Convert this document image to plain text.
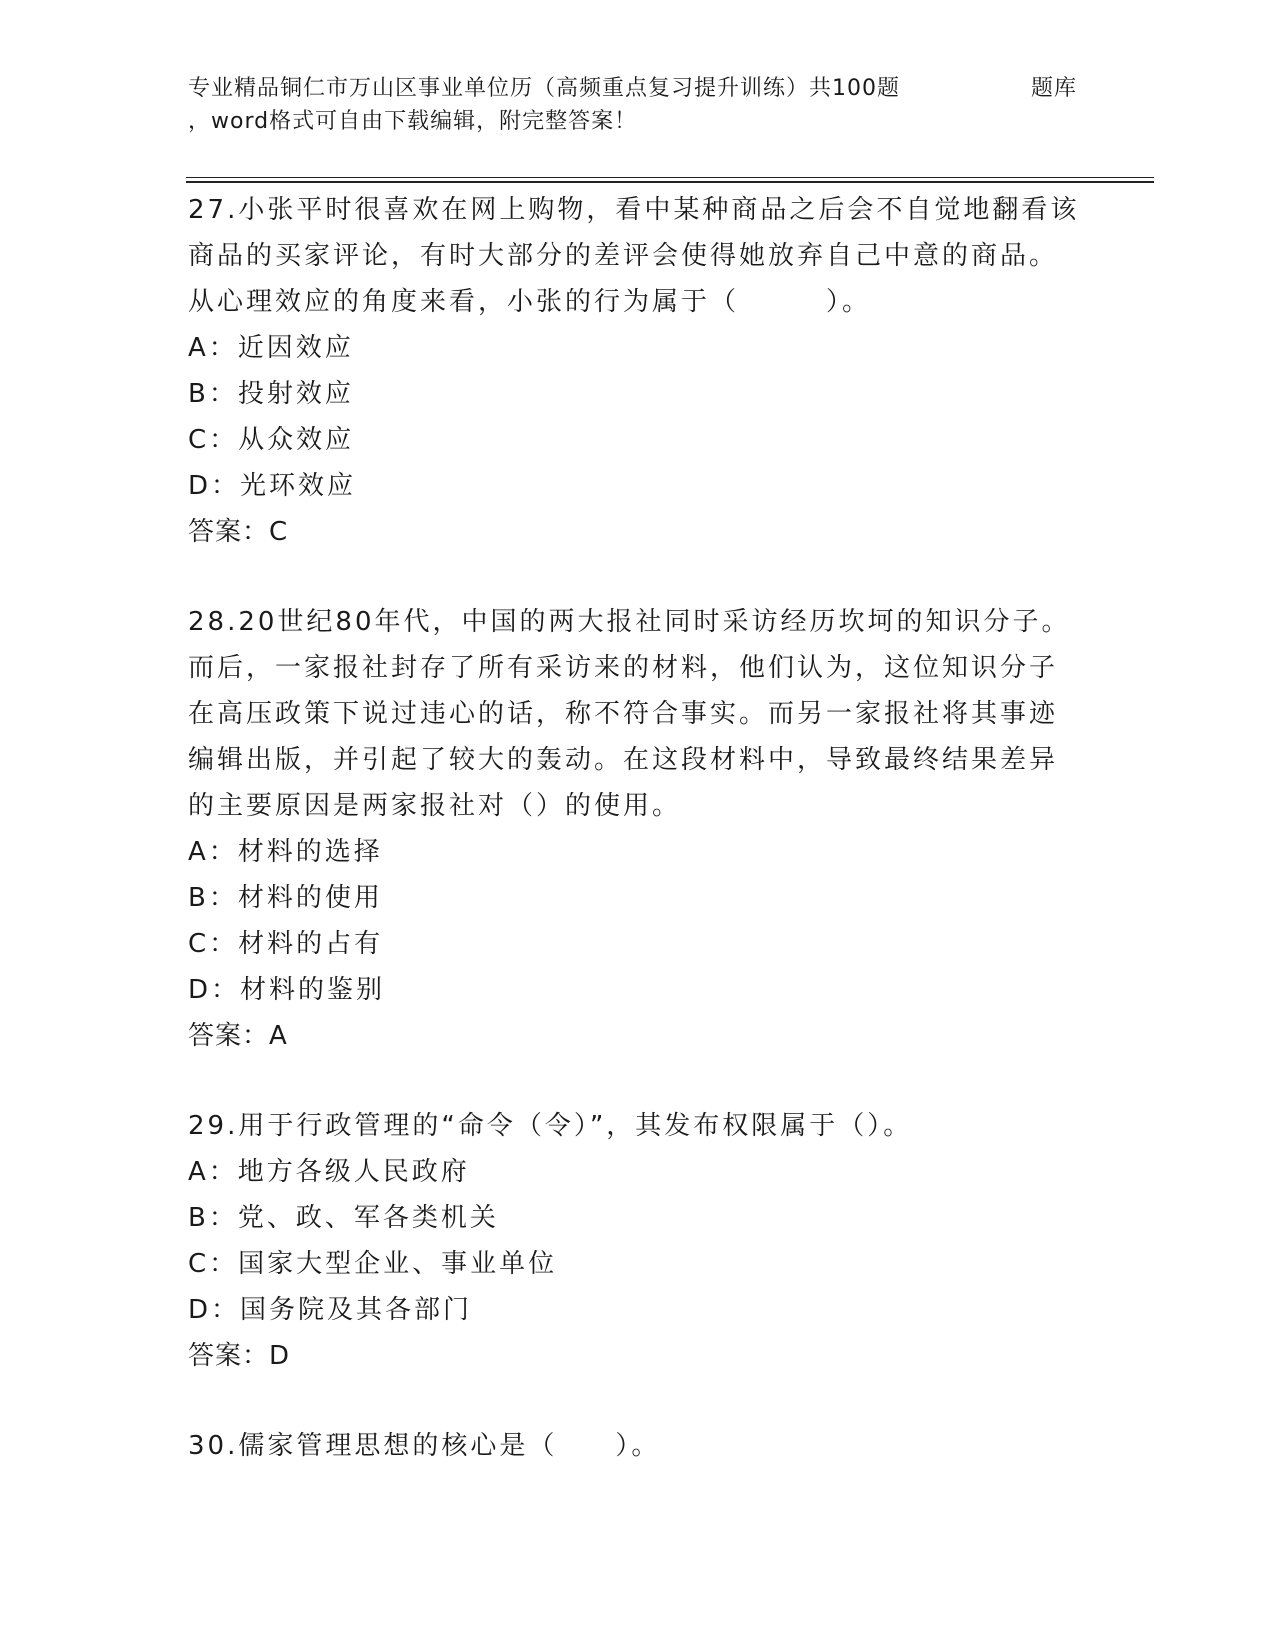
专业精品铜仁市万山区事业单位历（高频重点复习提升训练）共100题	题库
，word格式可自由下载编辑，附完整答案！
27.小张平时很喜欢在网上购物，看中某种商品之后会不自觉地翻看该
商品的买家评论，有时大部分的差评会使得她放弃自己中意的商品。
从心理效应的角度来看，小张的行为属于（　　　）。
A：近因效应
B：投射效应
C：从众效应
D：光环效应
答案：C
28.20世纪80年代，中国的两大报社同时采访经历坎坷的知识分子。
而后，一家报社封存了所有采访来的材料，他们认为，这位知识分子
在高压政策下说过违心的话，称不符合事实。而另一家报社将其事迹
编辑出版，并引起了较大的轰动。在这段材料中，导致最终结果差异
的主要原因是两家报社对（）的使用。
A：材料的选择
B：材料的使用
C：材料的占有
D：材料的鉴别
答案：A
29.用于行政管理的“命令（令）”，其发布权限属于（）。
A：地方各级人民政府
B：党、政、军各类机关
C：国家大型企业、事业单位
D：国务院及其各部门
答案：D
30.儒家管理思想的核心是（　　）。
